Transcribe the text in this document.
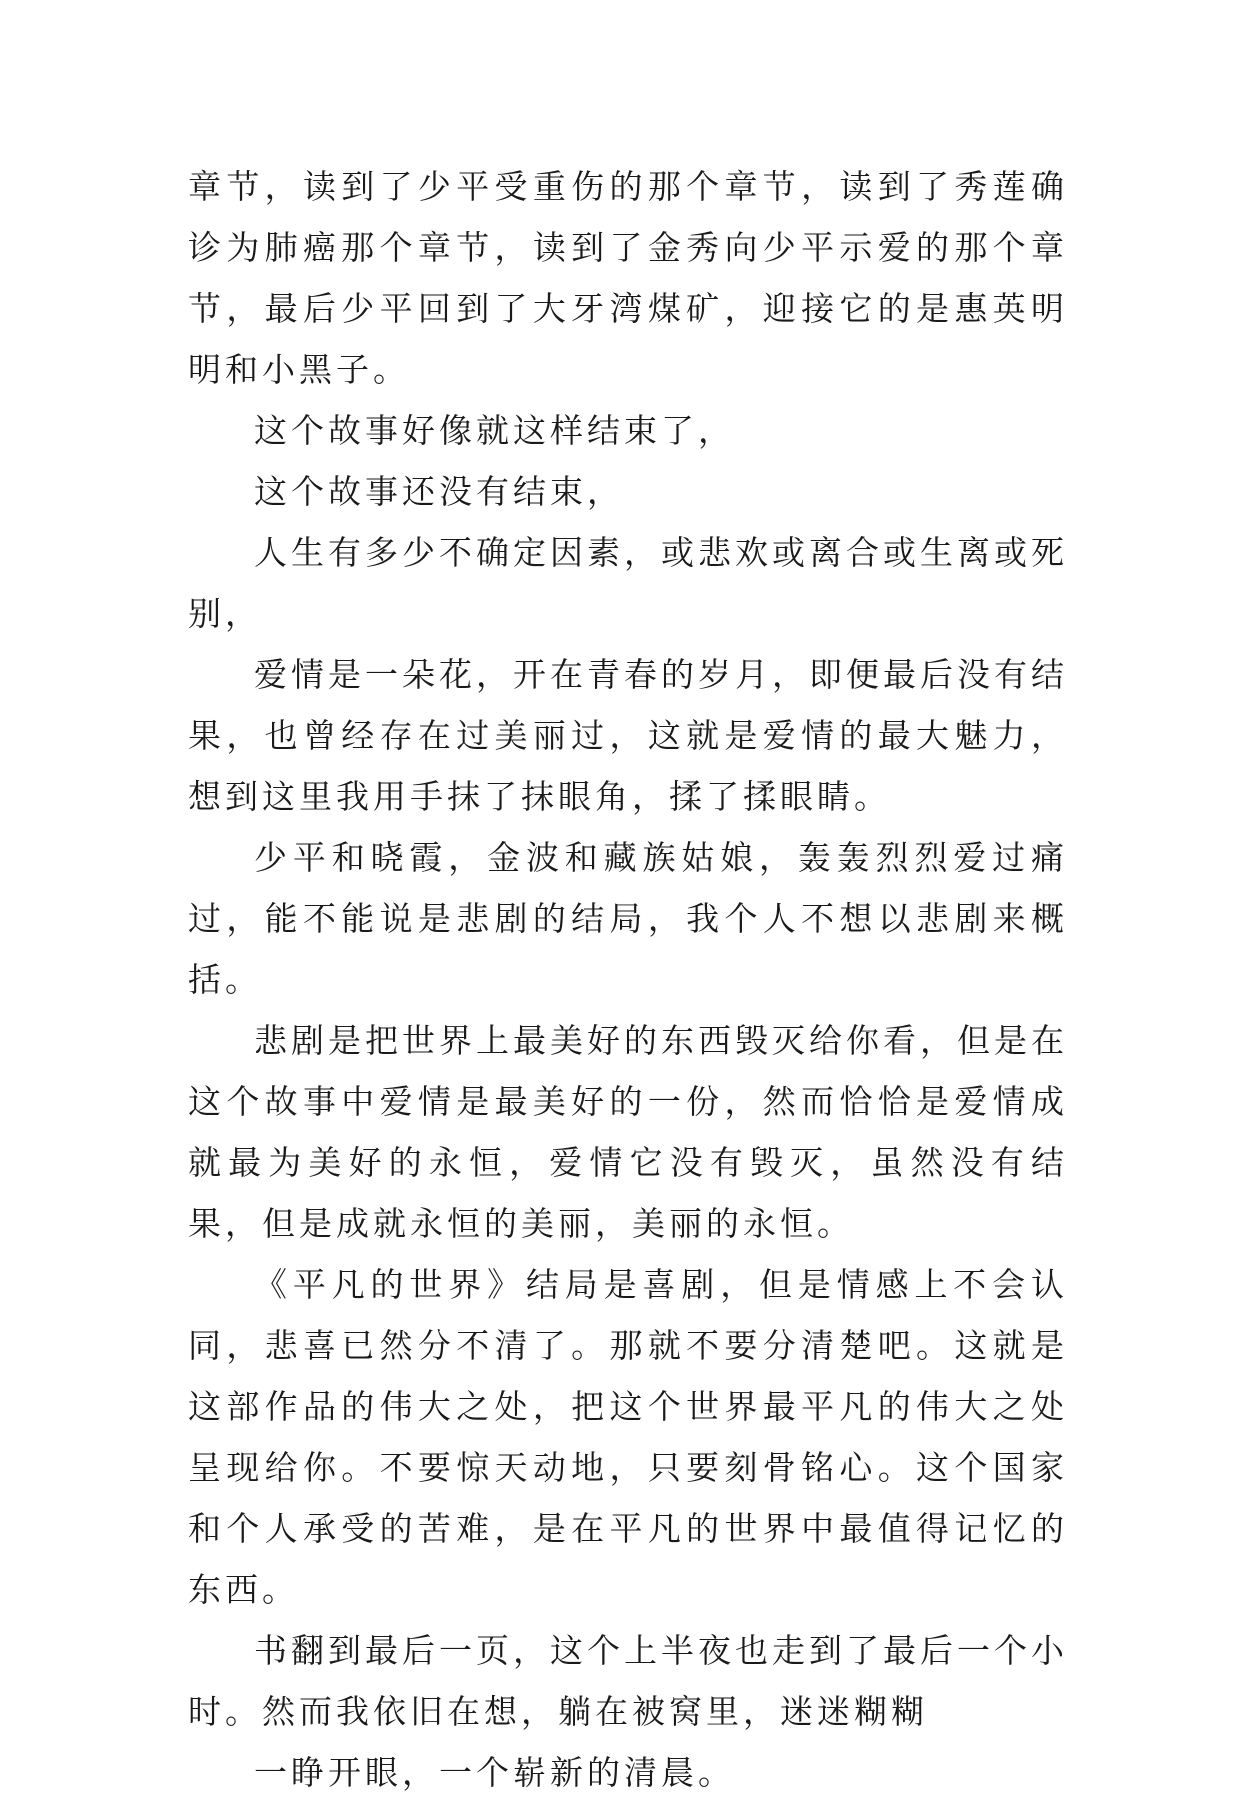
章节，读到了少平受重伤的那个章节，读到了秀莲确诊为肺癌那个章节，读到了金秀向少平示爱的那个章节，最后少平回到了大牙湾煤矿，迎接它的是惠英明明和小黑子。

这个故事好像就这样结束了，

这个故事还没有结束，

人生有多少不确定因素，或悲欢或离合或生离或死别，

爱情是一朵花，开在青春的岁月，即便最后没有结果，也曾经存在过美丽过，这就是爱情的最大魅力，想到这里我用手抹了抹眼角，揉了揉眼睛。

少平和晓霞，金波和藏族姑娘，轰轰烈烈爱过痛过，能不能说是悲剧的结局，我个人不想以悲剧来概括。

悲剧是把世界上最美好的东西毁灭给你看，但是在这个故事中爱情是最美好的一份，然而恰恰是爱情成就最为美好的永恒，爱情它没有毁灭，虽然没有结果，但是成就永恒的美丽，美丽的永恒。

《平凡的世界》结局是喜剧，但是情感上不会认同，悲喜已然分不清了。那就不要分清楚吧。这就是这部作品的伟大之处，把这个世界最平凡的伟大之处呈现给你。不要惊天动地，只要刻骨铭心。这个国家和个人承受的苦难，是在平凡的世界中最值得记忆的东西。

书翻到最后一页，这个上半夜也走到了最后一个小时。然而我依旧在想，躺在被窝里，迷迷糊糊

一睁开眼，一个崭新的清晨。
